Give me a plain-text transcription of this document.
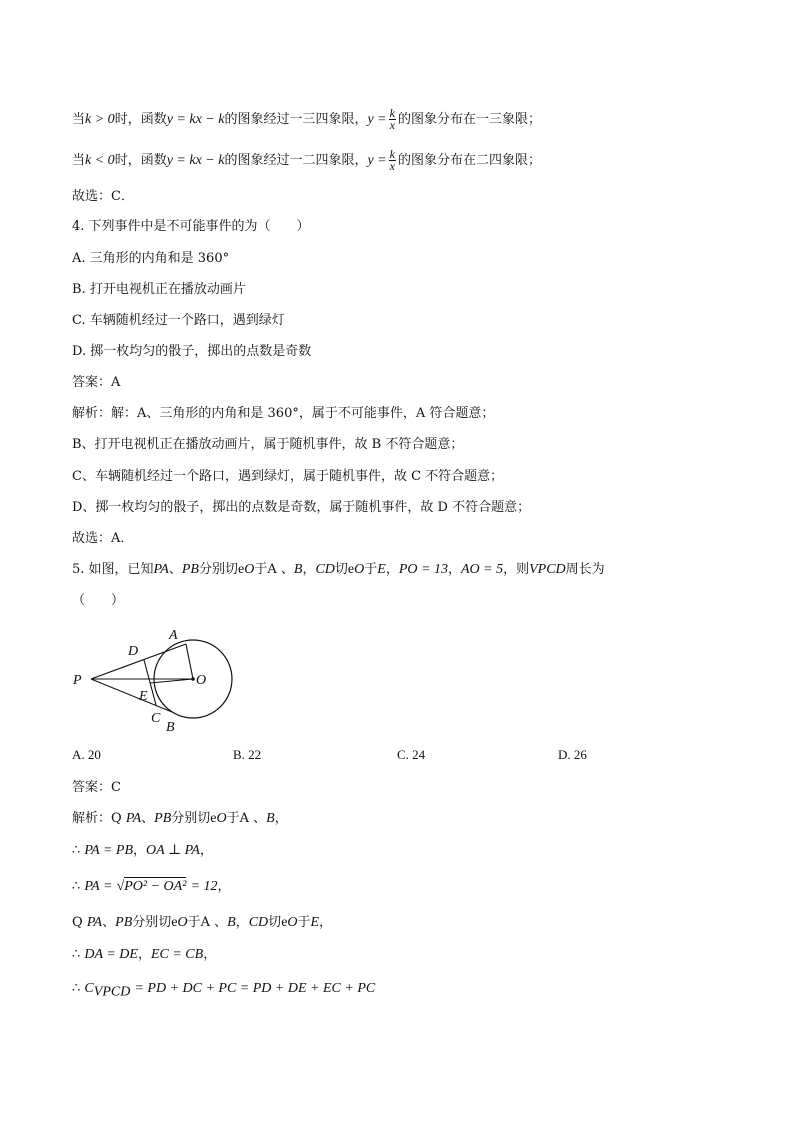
当k > 0时，函数y = kx − k的图象经过一三四象限，$y = \frac{k}{x}$ 的图象分布在一三象限；
当k < 0时，函数y = kx − k的图象经过一二四象限，$y = \frac{k}{x}$ 的图象分布在二四象限；
故选：C．
4. 下列事件中是不可能事件的为（　　）
A. 三角形的内角和是 360°
B. 打开电视机正在播放动画片
C. 车辆随机经过一个路口，遇到绿灯
D. 掷一枚均匀的骰子，掷出的点数是奇数
答案：A
解析：解：A、三角形的内角和是 360°，属于不可能事件，A 符合题意；
B、打开电视机正在播放动画片，属于随机事件，故 B 不符合题意；
C、车辆随机经过一个路口，遇到绿灯，属于随机事件，故 C 不符合题意；
D、掷一枚均匀的骰子，掷出的点数是奇数，属于随机事件，故 D 不符合题意；
故选：A．
5. 如图，已知PA、PB分别切eO于A 、B，CD切eO于E，PO = 13，AO = 5，则VPCD周长为
（　　）
P
A
D
O
E
C
B
A. 20	B. 22	C. 24	D. 26
答案：C
解析：Q PA、PB分别切eO于A 、B，
∴ PA = PB，OA ⊥ PA，
∴ PA = √PO² − OA² = 12，
Q PA、PB分别切eO于A 、B，CD切eO于E，
∴ DA = DE，EC = CB，
∴ $C_{VPCD}$ = PD + DC + PC = PD + DE + EC + PC
